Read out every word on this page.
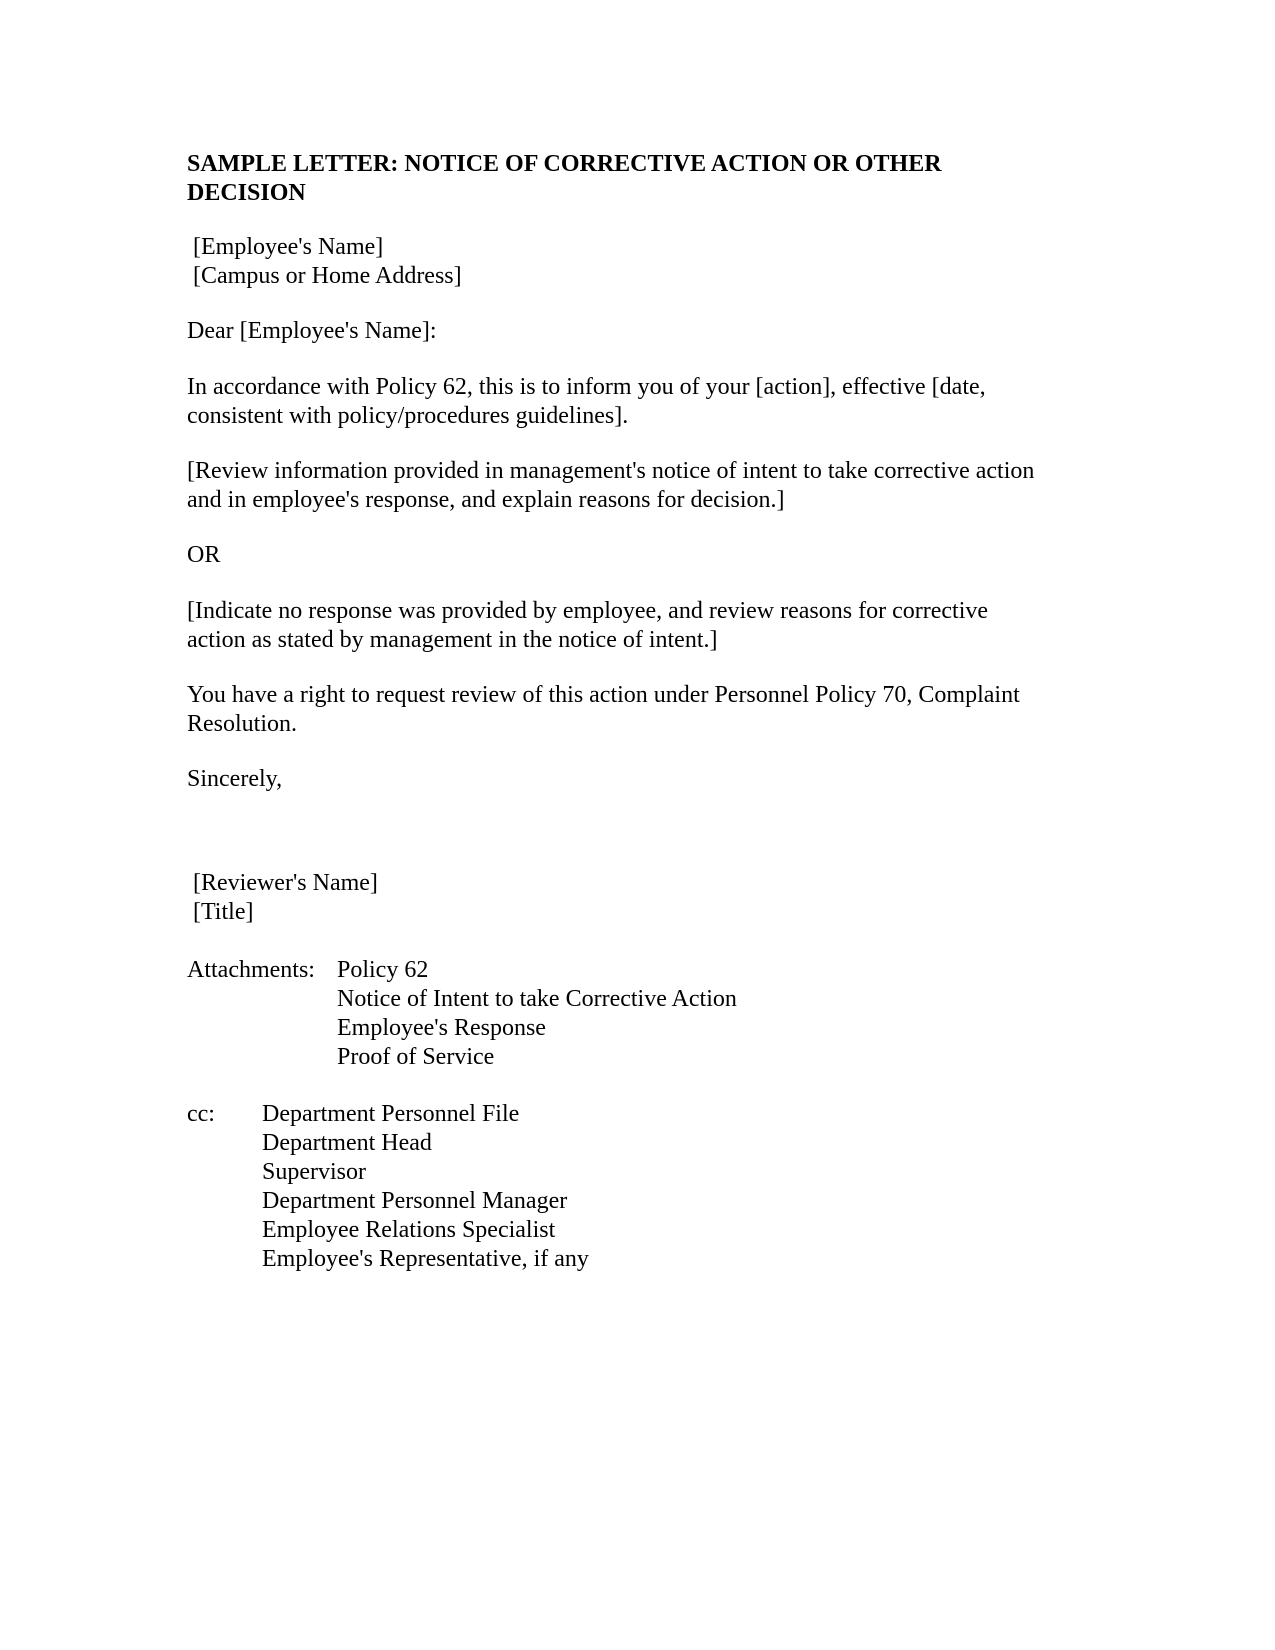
SAMPLE LETTER: NOTICE OF CORRECTIVE ACTION OR OTHER
DECISION
[Employee's Name]
[Campus or Home Address]
Dear [Employee's Name]:
In accordance with Policy 62, this is to inform you of your [action], effective [date,
consistent with policy/procedures guidelines].
[Review information provided in management's notice of intent to take corrective action
and in employee's response, and explain reasons for decision.]
OR
[Indicate no response was provided by employee, and review reasons for corrective
action as stated by management in the notice of intent.]
You have a right to request review of this action under Personnel Policy 70, Complaint
Resolution.
Sincerely,
[Reviewer's Name]
[Title]
Attachments: Policy 62
Notice of Intent to take Corrective Action
Employee's Response
Proof of Service
cc: Department Personnel File
Department Head
Supervisor
Department Personnel Manager
Employee Relations Specialist
Employee's Representative, if any
